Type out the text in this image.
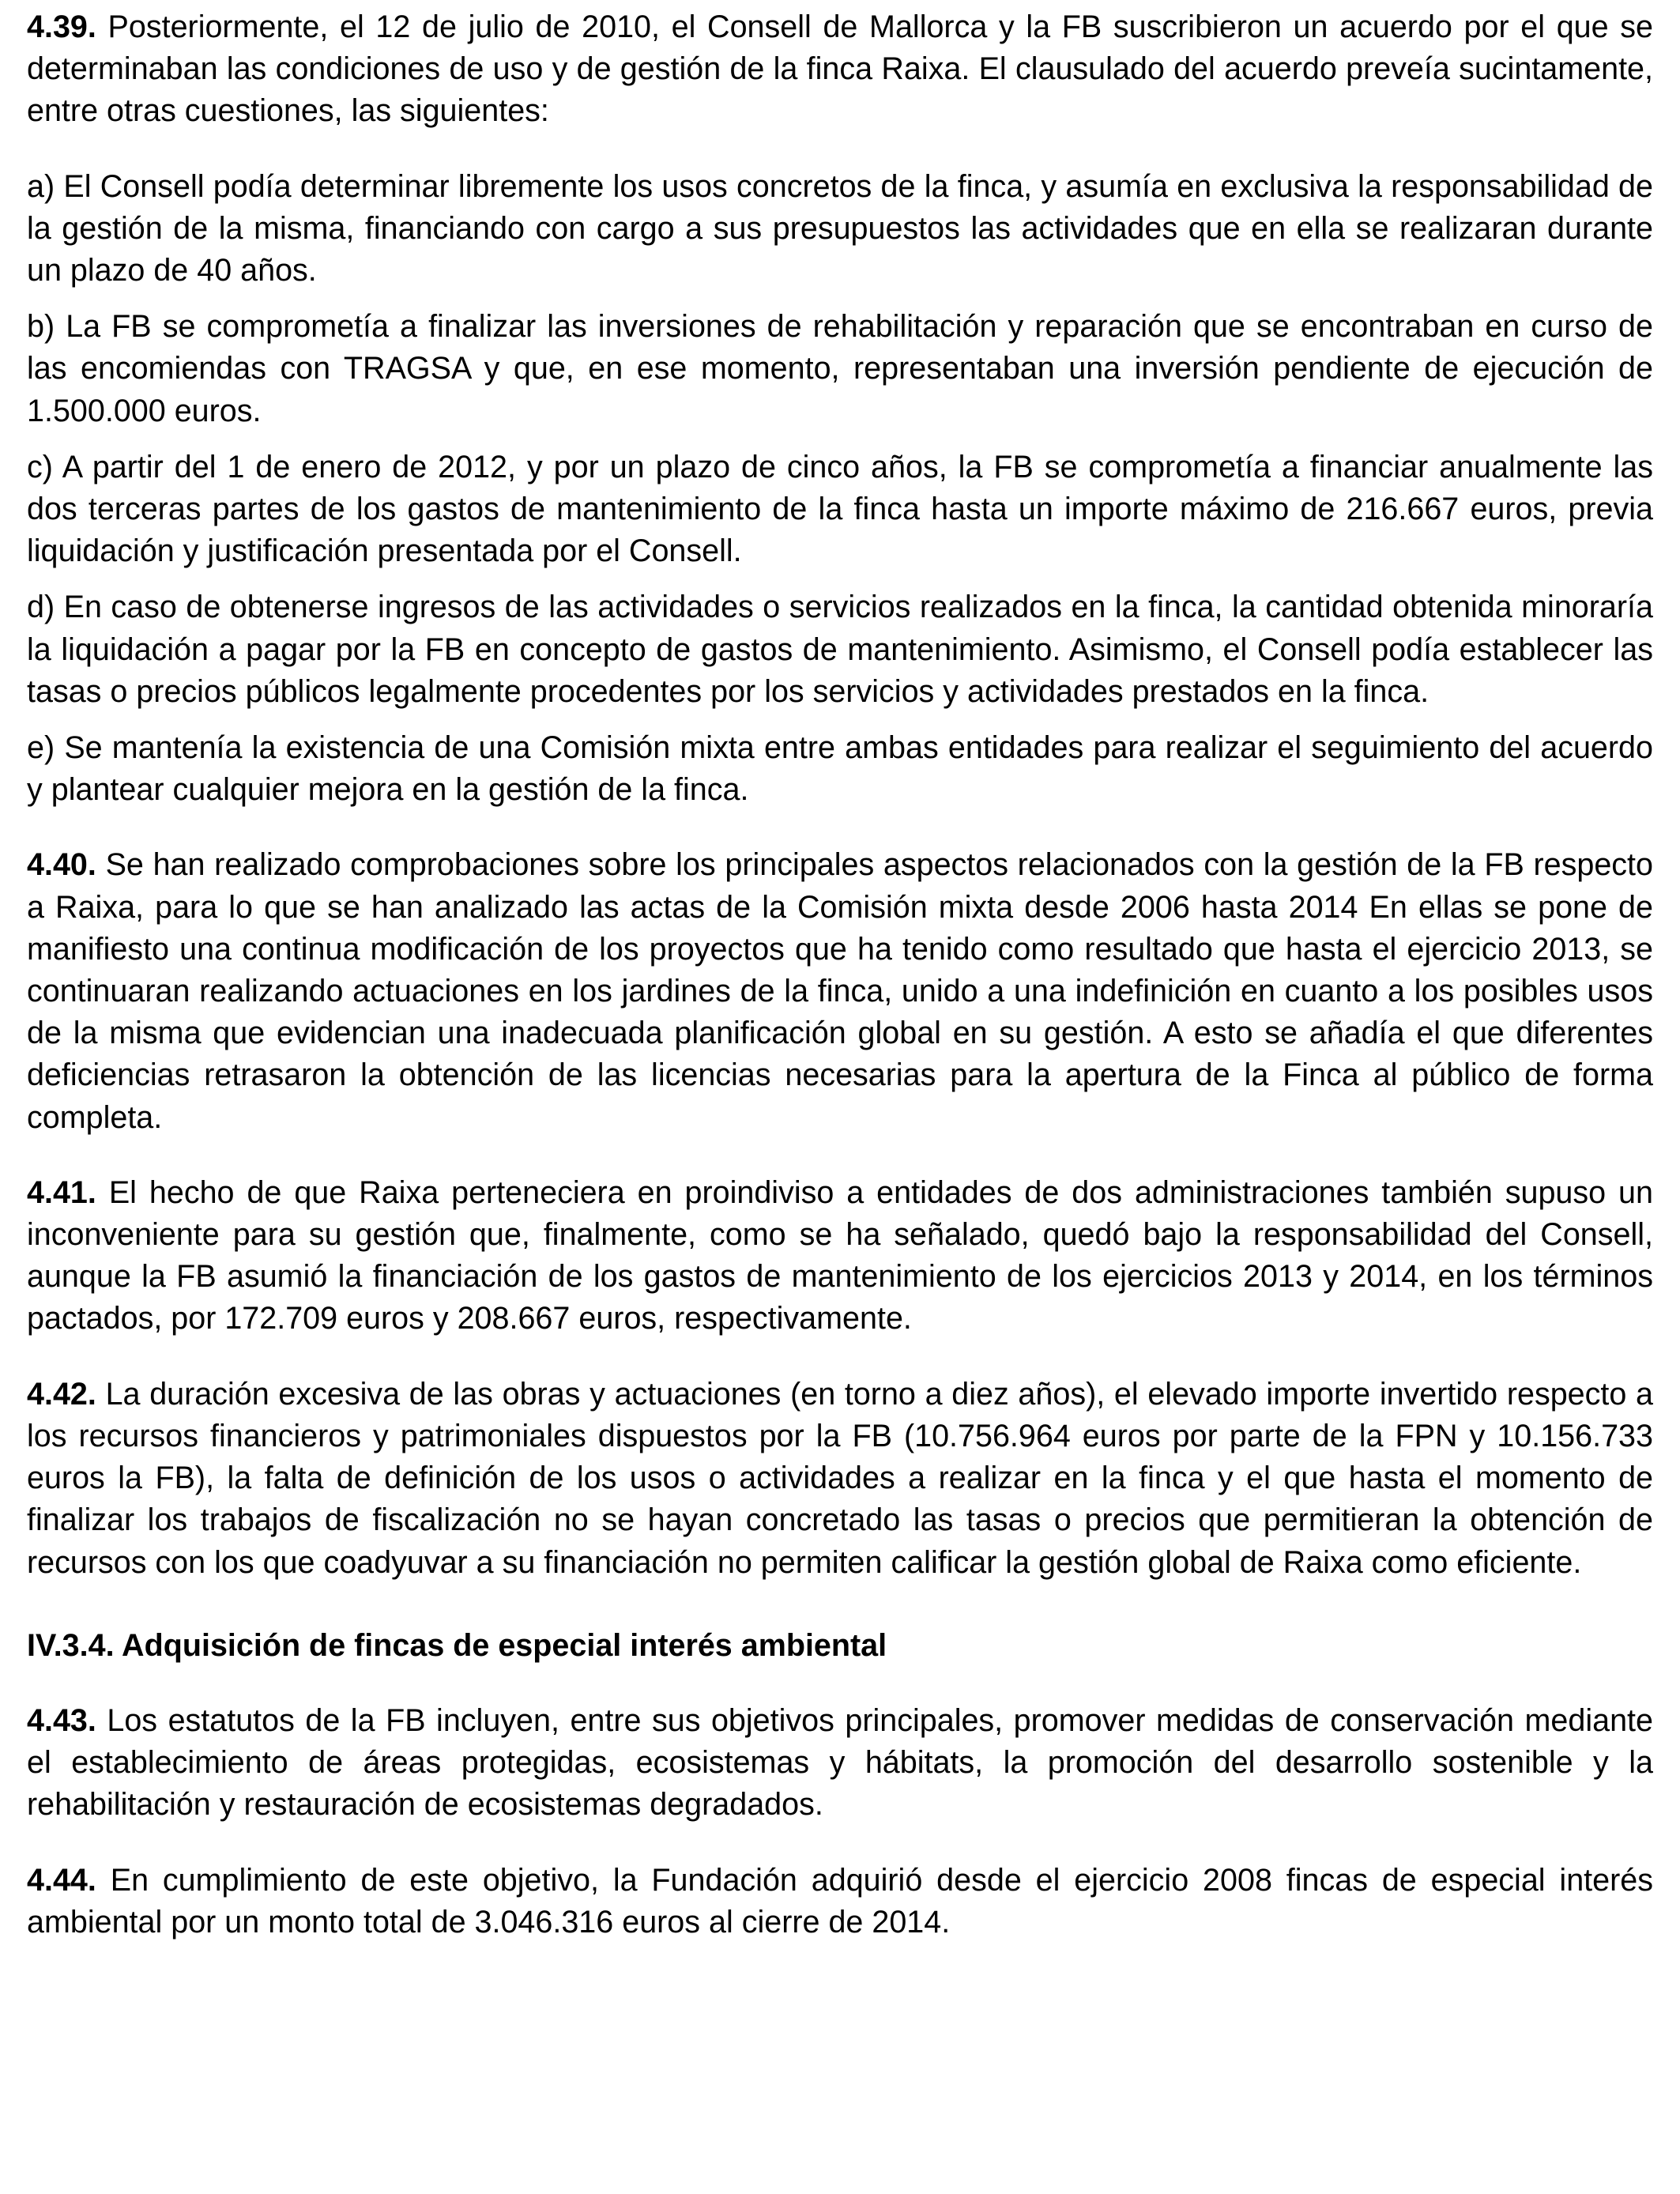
4.39. Posteriormente, el 12 de julio de 2010, el Consell de Mallorca y la FB suscribieron un acuerdo por el que se determinaban las condiciones de uso y de gestión de la finca Raixa. El clausulado del acuerdo preveía sucintamente, entre otras cuestiones, las siguientes:

a) El Consell podía determinar libremente los usos concretos de la finca, y asumía en exclusiva la responsabilidad de la gestión de la misma, financiando con cargo a sus presupuestos las actividades que en ella se realizaran durante un plazo de 40 años.

b) La FB se comprometía a finalizar las inversiones de rehabilitación y reparación que se encontraban en curso de las encomiendas con TRAGSA y que, en ese momento, representaban una inversión pendiente de ejecución de 1.500.000 euros.

c) A partir del 1 de enero de 2012, y por un plazo de cinco años, la FB se comprometía a financiar anualmente las dos terceras partes de los gastos de mantenimiento de la finca hasta un importe máximo de 216.667 euros, previa liquidación y justificación presentada por el Consell.

d) En caso de obtenerse ingresos de las actividades o servicios realizados en la finca, la cantidad obtenida minoraría la liquidación a pagar por la FB en concepto de gastos de mantenimiento. Asimismo, el Consell podía establecer las tasas o precios públicos legalmente procedentes por los servicios y actividades prestados en la finca.

e) Se mantenía la existencia de una Comisión mixta entre ambas entidades para realizar el seguimiento del acuerdo y plantear cualquier mejora en la gestión de la finca.

4.40. Se han realizado comprobaciones sobre los principales aspectos relacionados con la gestión de la FB respecto a Raixa, para lo que se han analizado las actas de la Comisión mixta desde 2006 hasta 2014 En ellas se pone de manifiesto una continua modificación de los proyectos que ha tenido como resultado que hasta el ejercicio 2013, se continuaran realizando actuaciones en los jardines de la finca, unido a una indefinición en cuanto a los posibles usos de la misma que evidencian una inadecuada planificación global en su gestión. A esto se añadía el que diferentes deficiencias retrasaron la obtención de las licencias necesarias para la apertura de la Finca al público de forma completa.

4.41. El hecho de que Raixa perteneciera en proindiviso a entidades de dos administraciones también supuso un inconveniente para su gestión que, finalmente, como se ha señalado, quedó bajo la responsabilidad del Consell, aunque la FB asumió la financiación de los gastos de mantenimiento de los ejercicios 2013 y 2014, en los términos pactados, por 172.709 euros y 208.667 euros, respectivamente.

4.42. La duración excesiva de las obras y actuaciones (en torno a diez años), el elevado importe invertido respecto a los recursos financieros y patrimoniales dispuestos por la FB (10.756.964 euros por parte de la FPN y 10.156.733 euros la FB), la falta de definición de los usos o actividades a realizar en la finca y el que hasta el momento de finalizar los trabajos de fiscalización no se hayan concretado las tasas o precios que permitieran la obtención de recursos con los que coadyuvar a su financiación no permiten calificar la gestión global de Raixa como eficiente.

IV.3.4. Adquisición de fincas de especial interés ambiental

4.43. Los estatutos de la FB incluyen, entre sus objetivos principales, promover medidas de conservación mediante el establecimiento de áreas protegidas, ecosistemas y hábitats, la promoción del desarrollo sostenible y la rehabilitación y restauración de ecosistemas degradados.

4.44. En cumplimiento de este objetivo, la Fundación adquirió desde el ejercicio 2008 fincas de especial interés ambiental por un monto total de 3.046.316 euros al cierre de 2014.
